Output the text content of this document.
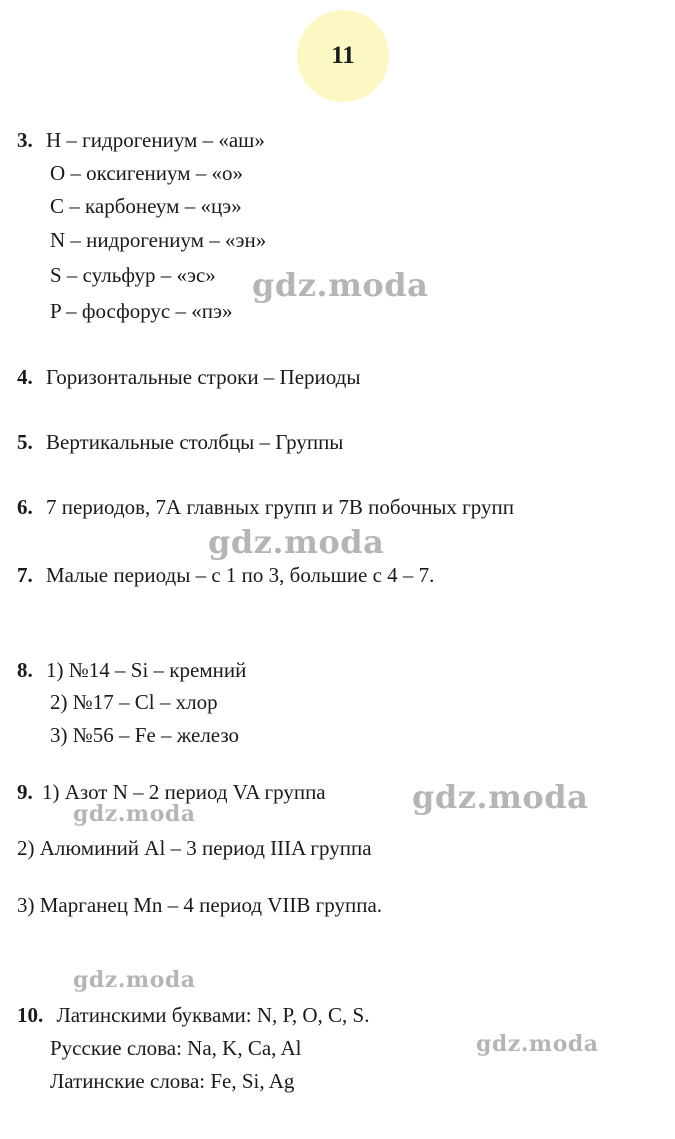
11
3. H – гидрогениум – «аш»
O – оксигениум – «о»
C – карбонеум – «цэ»
N – нидрогениум – «эн»
S – сульфур – «эс»
P – фосфорус – «пэ»
4. Горизонтальные строки – Периоды
5. Вертикальные столбцы – Группы
6. 7 периодов, 7А главных групп и 7В побочных групп
7. Малые периоды – с 1 по 3, большие с 4 – 7.
8. 1) №14 – Si – кремний
2) №17 – Cl – хлор
3) №56 – Fe – железо
9. 1) Азот N – 2 период VA группа
2) Алюминий Al – 3 период IIIA группа
3) Марганец Mn – 4 период VIIB группа.
10. Латинскими буквами: N, P, O, C, S.
Русские слова: Na, K, Ca, Al
Латинские слова: Fe, Si, Ag
gdz.moda
gdz.moda
gdz.moda
gdz.moda
gdz.moda
gdz.moda
